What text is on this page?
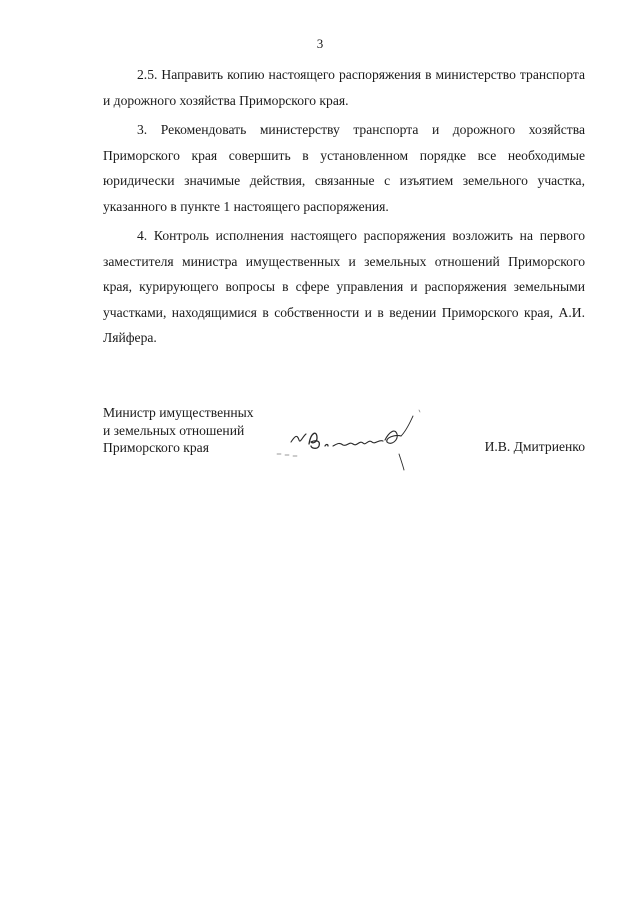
3

2.5. Направить копию настоящего распоряжения в министерство транспорта и дорожного хозяйства Приморского края.

3. Рекомендовать министерству транспорта и дорожного хозяйства Приморского края совершить в установленном порядке все необходимые юридически значимые действия, связанные с изъятием земельного участка, указанного в пункте 1 настоящего распоряжения.

4. Контроль исполнения настоящего распоряжения возложить на первого заместителя министра имущественных и земельных отношений Приморского края, курирующего вопросы в сфере управления и распоряжения земельными участками, находящимися в собственности и в ведении Приморского края, А.И. Ляйфера.

Министр имущественных
и земельных отношений
Приморского края	И.В. Дмитриенко
